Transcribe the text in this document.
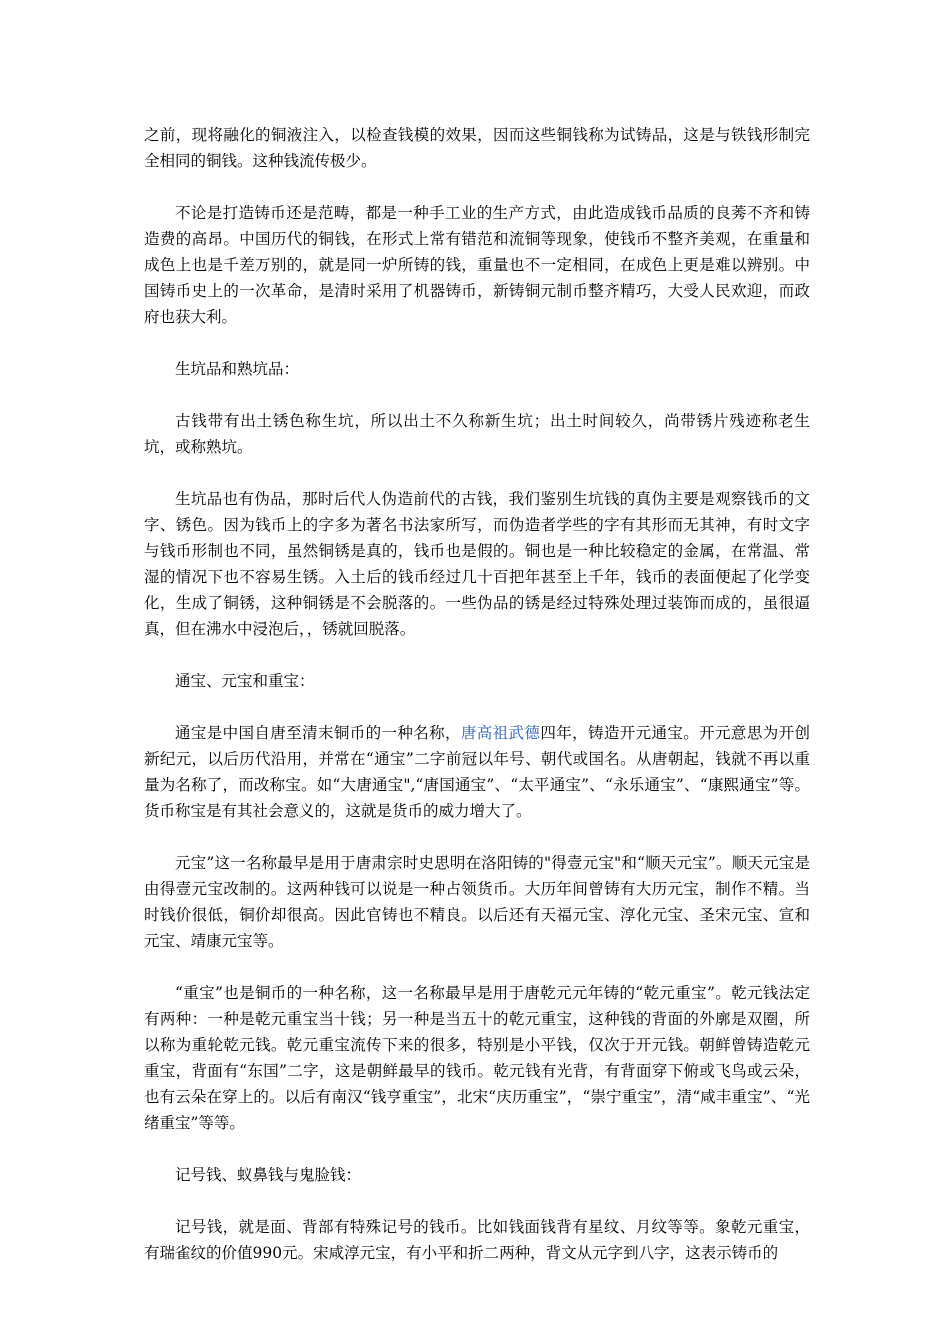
之前，现将融化的铜液注入，以检查钱模的效果，因而这些铜钱称为试铸品，这是与铁钱形制完全相同的铜钱。这种钱流传极少。

不论是打造铸币还是范畴，都是一种手工业的生产方式，由此造成钱币品质的良莠不齐和铸造费的高昂。中国历代的铜钱，在形式上常有错范和流铜等现象，使钱币不整齐美观，在重量和成色上也是千差万别的，就是同一炉所铸的钱，重量也不一定相同，在成色上更是难以辨别。中国铸币史上的一次革命，是清时采用了机器铸币，新铸铜元制币整齐精巧，大受人民欢迎，而政府也获大利。

生坑品和熟坑品：

古钱带有出土锈色称生坑，所以出土不久称新生坑；出土时间较久，尚带锈片残迹称老生坑，或称熟坑。

生坑品也有伪品，那时后代人伪造前代的古钱，我们鉴别生坑钱的真伪主要是观察钱币的文字、锈色。因为钱币上的字多为著名书法家所写，而伪造者学些的字有其形而无其神，有时文字与钱币形制也不同，虽然铜锈是真的，钱币也是假的。铜也是一种比较稳定的金属，在常温、常湿的情况下也不容易生锈。入土后的钱币经过几十百把年甚至上千年，钱币的表面便起了化学变化，生成了铜锈，这种铜锈是不会脱落的。一些伪品的锈是经过特殊处理过装饰而成的，虽很逼真，但在沸水中浸泡后，，锈就回脱落。

通宝、元宝和重宝：

通宝是中国自唐至清末铜币的一种名称，唐高祖武德四年，铸造开元通宝。开元意思为开创新纪元，以后历代沿用，并常在“通宝”二字前冠以年号、朝代或国名。从唐朝起，钱就不再以重量为名称了，而改称宝。如“大唐通宝",“唐国通宝”、“太平通宝”、“永乐通宝”、“康熙通宝”等。货币称宝是有其社会意义的，这就是货币的威力增大了。

元宝”这一名称最早是用于唐肃宗时史思明在洛阳铸的"得壹元宝"和“顺天元宝”。顺天元宝是由得壹元宝改制的。这两种钱可以说是一种占领货币。大历年间曾铸有大历元宝，制作不精。当时钱价很低，铜价却很高。因此官铸也不精良。以后还有天福元宝、淳化元宝、圣宋元宝、宣和元宝、靖康元宝等。

“重宝”也是铜币的一种名称，这一名称最早是用于唐乾元元年铸的“乾元重宝”。乾元钱法定有两种：一种是乾元重宝当十钱；另一种是当五十的乾元重宝，这种钱的背面的外廓是双圈，所以称为重轮乾元钱。乾元重宝流传下来的很多，特别是小平钱，仅次于开元钱。朝鲜曾铸造乾元重宝，背面有“东国”二字，这是朝鲜最早的钱币。乾元钱有光背，有背面穿下俯或飞鸟或云朵，也有云朵在穿上的。以后有南汉“钱亨重宝”，北宋“庆历重宝”，“崇宁重宝”，清“咸丰重宝”、“光绪重宝”等等。

记号钱、蚁鼻钱与鬼脸钱：

记号钱，就是面、背部有特殊记号的钱币。比如钱面钱背有星纹、月纹等等。象乾元重宝，有瑞雀纹的价值990元。宋咸淳元宝，有小平和折二两种，背文从元字到八字，这表示铸币的
